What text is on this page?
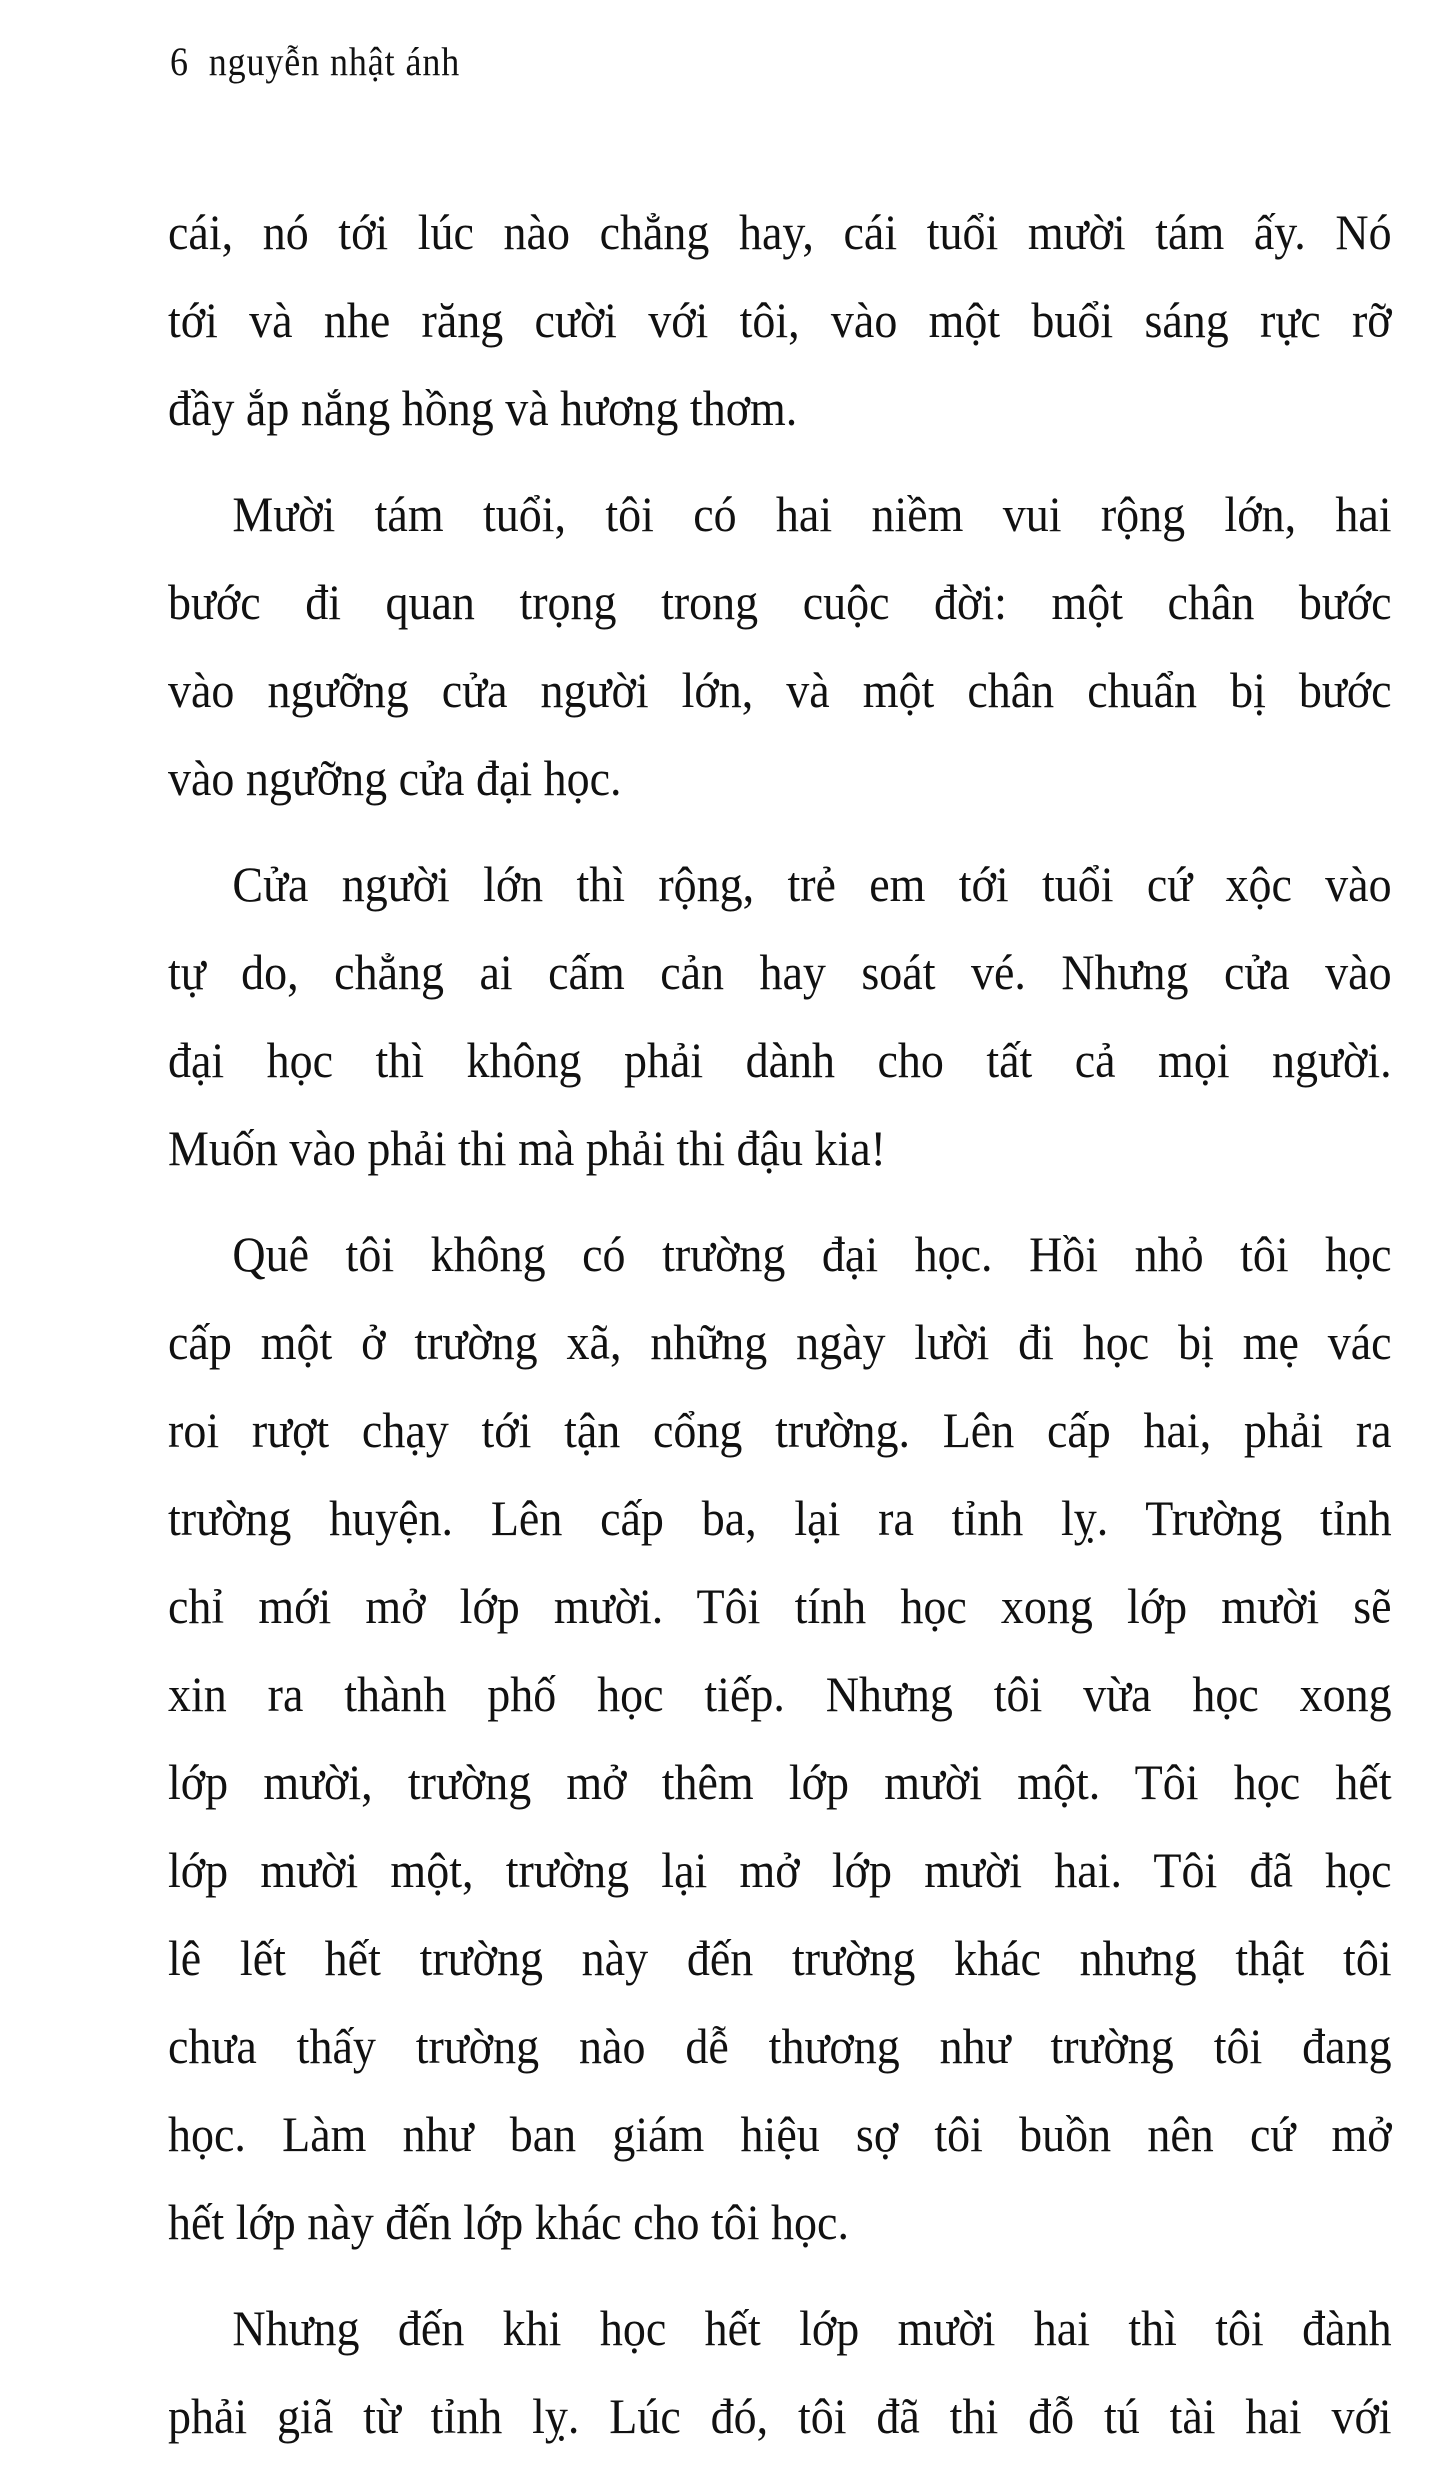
6 nguyễn nhật ánh
cái, nó tới lúc nào chẳng hay, cái tuổi mười tám ấy. Nó
tới và nhe răng cười với tôi, vào một buổi sáng rực rỡ
đầy ắp nắng hồng và hương thơm.
Mười tám tuổi, tôi có hai niềm vui rộng lớn, hai
bước đi quan trọng trong cuộc đời: một chân bước
vào ngưỡng cửa người lớn, và một chân chuẩn bị bước
vào ngưỡng cửa đại học.
Cửa người lớn thì rộng, trẻ em tới tuổi cứ xộc vào
tự do, chẳng ai cấm cản hay soát vé. Nhưng cửa vào
đại học thì không phải dành cho tất cả mọi người.
Muốn vào phải thi mà phải thi đậu kia!
Quê tôi không có trường đại học. Hồi nhỏ tôi học
cấp một ở trường xã, những ngày lười đi học bị mẹ vác
roi rượt chạy tới tận cổng trường. Lên cấp hai, phải ra
trường huyện. Lên cấp ba, lại ra tỉnh lỵ. Trường tỉnh
chỉ mới mở lớp mười. Tôi tính học xong lớp mười sẽ
xin ra thành phố học tiếp. Nhưng tôi vừa học xong
lớp mười, trường mở thêm lớp mười một. Tôi học hết
lớp mười một, trường lại mở lớp mười hai. Tôi đã học
lê lết hết trường này đến trường khác nhưng thật tôi
chưa thấy trường nào dễ thương như trường tôi đang
học. Làm như ban giám hiệu sợ tôi buồn nên cứ mở
hết lớp này đến lớp khác cho tôi học.
Nhưng đến khi học hết lớp mười hai thì tôi đành
phải giã từ tỉnh lỵ. Lúc đó, tôi đã thi đỗ tú tài hai với
